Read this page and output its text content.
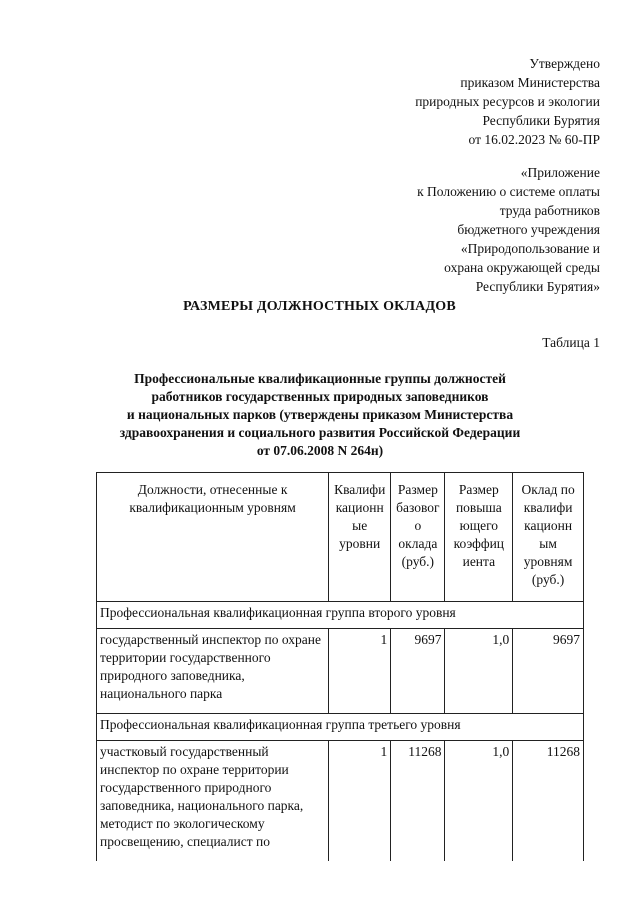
Утверждено
приказом Министерства
природных ресурсов и экологии
Республики Бурятия
от 16.02.2023 № 60-ПР
«Приложение
к Положению о системе оплаты
труда работников
бюджетного учреждения
«Природопользование и
охрана окружающей среды
Республики Бурятия»
РАЗМЕРЫ ДОЛЖНОСТНЫХ ОКЛАДОВ
Таблица 1
Профессиональные квалификационные группы должностей
работников государственных природных заповедников
и национальных парков (утверждены приказом Министерства
здравоохранения и социального развития Российской Федерации
от 07.06.2008 N 264н)
Должности, отнесенные к квалификационным уровням	Квалифи кационн ые уровни	Размер базовог о оклада (руб.)	Размер повыша ющего коэффиц иента	Оклад по квалифи кационн ым уровням (руб.)
Профессиональная квалификационная группа второго уровня				
государственный инспектор по охране территории государственного природного заповедника, национального парка	1	9697	1,0	9697
Профессиональная квалификационная группа третьего уровня				
участковый государственный инспектор по охране территории государственного природного заповедника, национального парка, методист по экологическому просвещению, специалист по	1	11268	1,0	11268
